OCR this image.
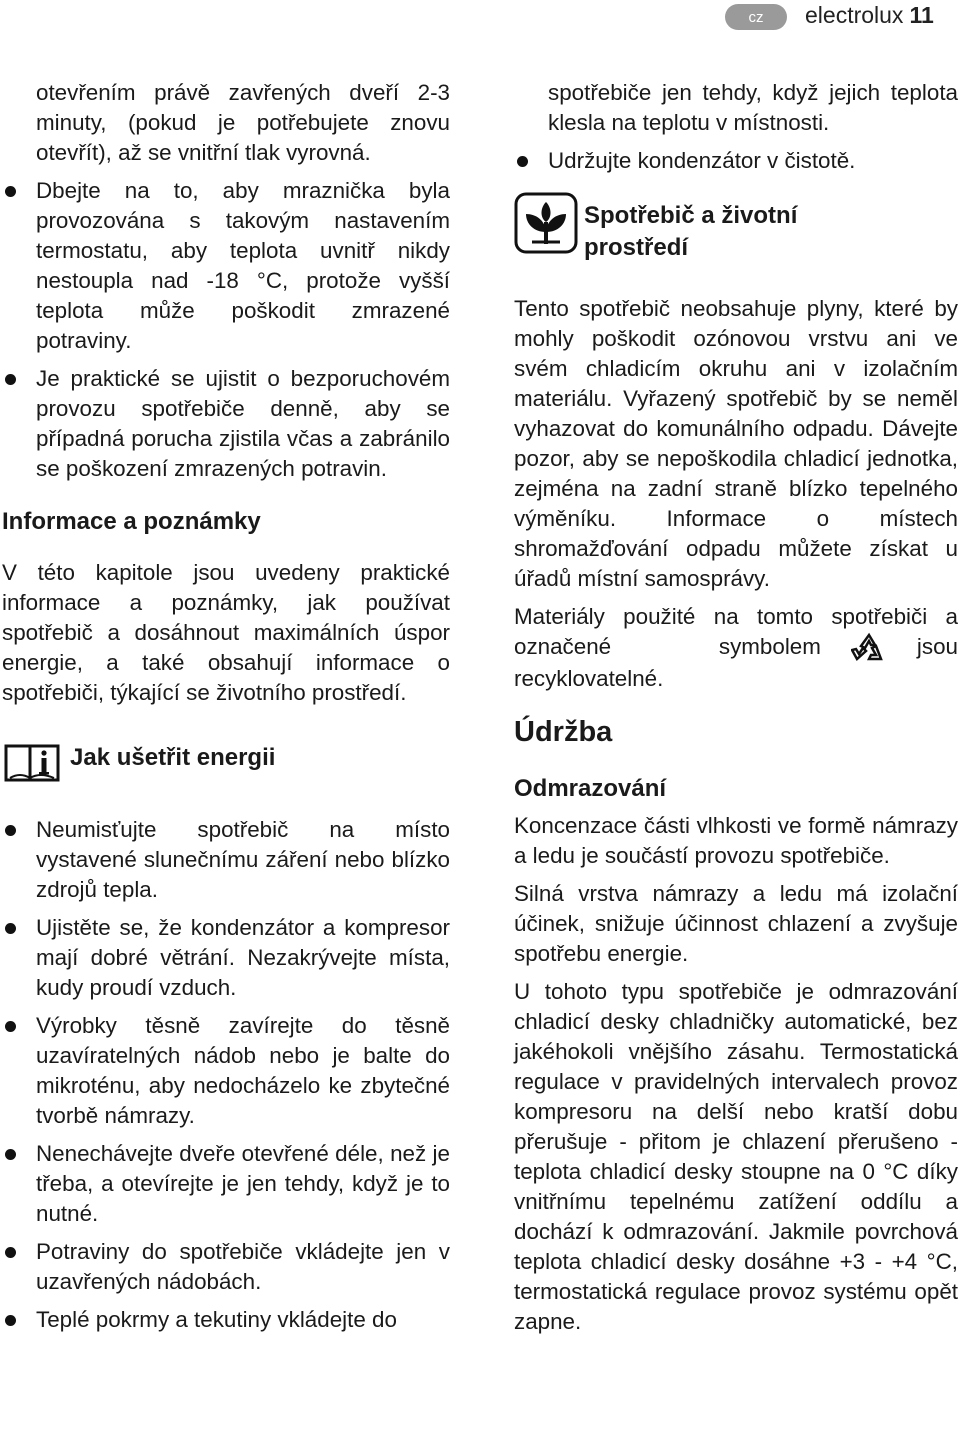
cz	electrolux 11

otevřením právě zavřených dveří 2-3 minuty, (pokud je potřebujete znovu otevřít), až se vnitřní tlak vyrovná.

Dbejte na to, aby mraznička byla provozována s takovým nastavením termostatu, aby teplota uvnitř nikdy nestoupla nad -18 °C, protože vyšší teplota může poškodit zmrazené potraviny.
Je praktické se ujistit o bezporuchovém provozu spotřebiče denně, aby se případná porucha zjistila včas a zabránilo se poškození zmrazených potravin.
Informace a poznámky

V této kapitole jsou uvedeny praktické informace a poznámky, jak používat spotřebič a dosáhnout maximálních úspor energie, a také obsahují informace o spotřebiči, týkající se životního prostředí.

Jak ušetřit energii
Neumisťujte spotřebič na místo vystavené slunečnímu záření nebo blízko zdrojů tepla.
Ujistěte se, že kondenzátor a kompresor mají dobré větrání. Nezakrývejte místa, kudy proudí vzduch.
Výrobky těsně zavírejte do těsně uzavíratelných nádob nebo je balte do mikroténu, aby nedocházelo ke zbytečné tvorbě námrazy.
Nenechávejte dveře otevřené déle, než je třeba, a otevírejte je jen tehdy, když je to nutné.
Potraviny do spotřebiče vkládejte jen v uzavřených nádobách.
Teplé pokrmy a tekutiny vkládejte do

spotřebiče jen tehdy, když jejich teplota klesla na teplotu v místnosti.

Udržujte kondenzátor v čistotě.
Spotřebič a životní
prostředí

Tento spotřebič neobsahuje plyny, které by mohly poškodit ozónovou vrstvu ani ve svém chladicím okruhu ani v izolačním materiálu. Vyřazený spotřebič by se neměl vyhazovat do komunálního odpadu. Dávejte pozor, aby se nepoškodila chladicí jednotka, zejména na zadní straně blízko tepelného výměníku. Informace o místech shromažďování odpadu můžete získat u úřadů místní samosprávy.

Materiály použité na tomto spotřebiči a označené symbolem	jsou recyklovatelné.

Údržba
Odmrazování

Koncenzace části vlhkosti ve formě námrazy a ledu je součástí provozu spotřebiče.

Silná vrstva námrazy a ledu má izolační účinek, snižuje účinnost chlazení a zvyšuje spotřebu energie.

U tohoto typu spotřebiče je odmrazování chladicí desky chladničky automatické, bez jakéhokoli vnějšího zásahu. Termostatická regulace v pravidelných intervalech provoz kompresoru na delší nebo kratší dobu přerušuje - přitom je chlazení přerušeno - teplota chladicí desky stoupne na 0 °C díky vnitřnímu tepelnému zatížení oddílu a dochází k odmrazování. Jakmile povrchová teplota chladicí desky dosáhne +3 - +4 °C, termostatická regulace provoz systému opět zapne.
